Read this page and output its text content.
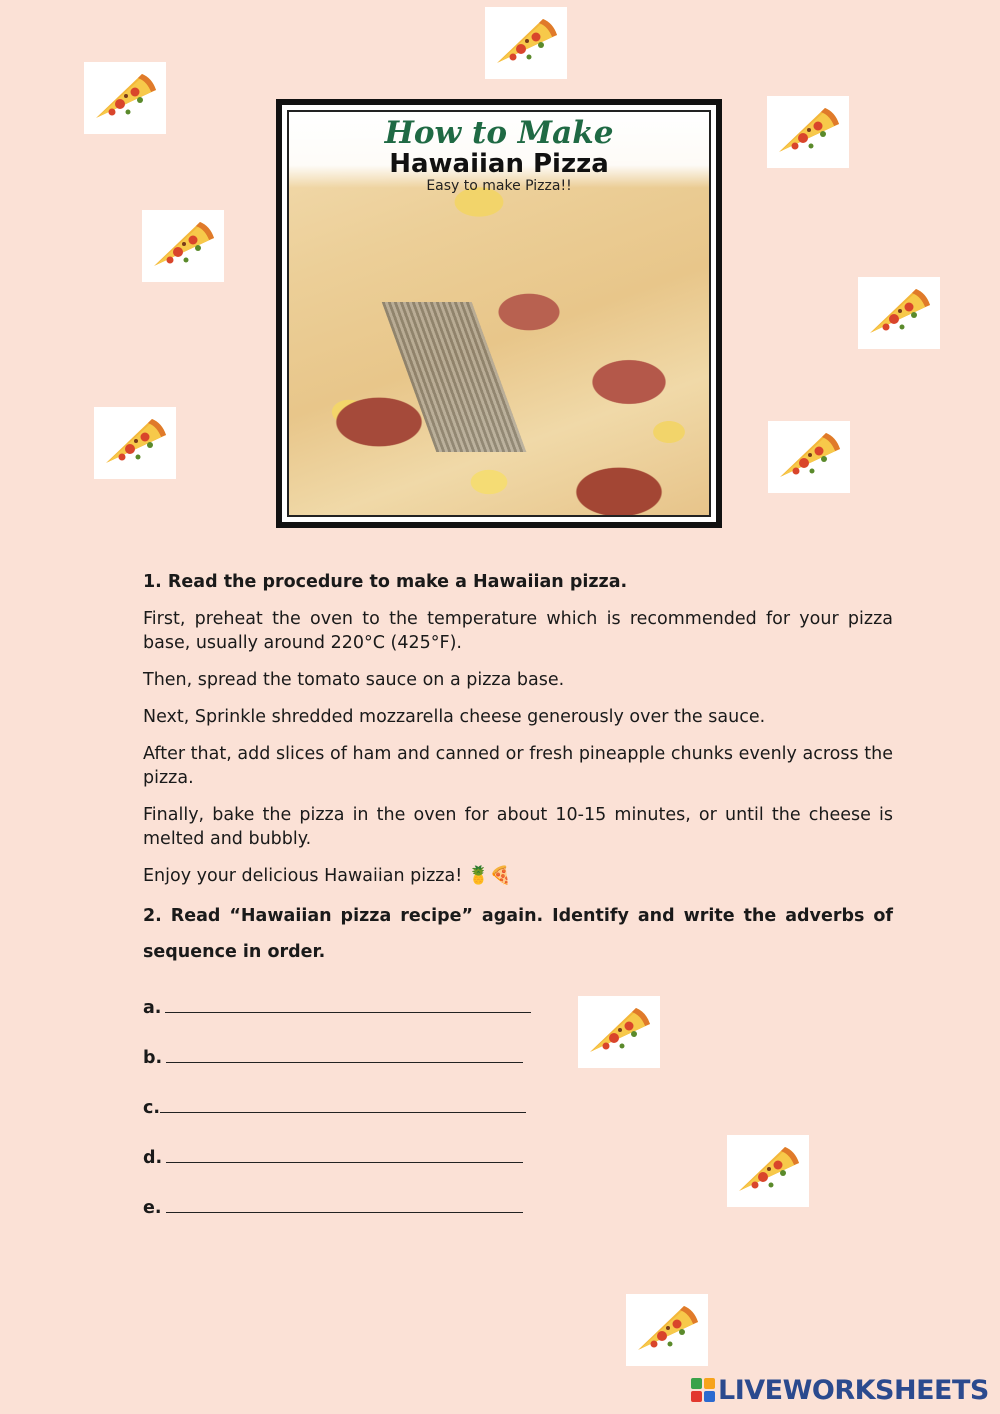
How to Make
Hawaiian Pizza
Easy to make Pizza!!

1. Read the procedure to make a Hawaiian pizza.

First, preheat the oven to the temperature which is recommended for your pizza base, usually around 220°C (425°F).

Then, spread the tomato sauce on a pizza base.

Next, Sprinkle shredded mozzarella cheese generously over the sauce.

After that, add slices of ham and canned or fresh pineapple chunks evenly across the pizza.

Finally, bake the pizza in the oven for about 10-15 minutes, or until the cheese is melted and bubbly.

Enjoy your delicious Hawaiian pizza! 🍍🍕

2. Read “Hawaiian pizza recipe” again. Identify and write the adverbs of sequence in order.

a.
b.
c.
d.
e.
LIVEWORKSHEETS
